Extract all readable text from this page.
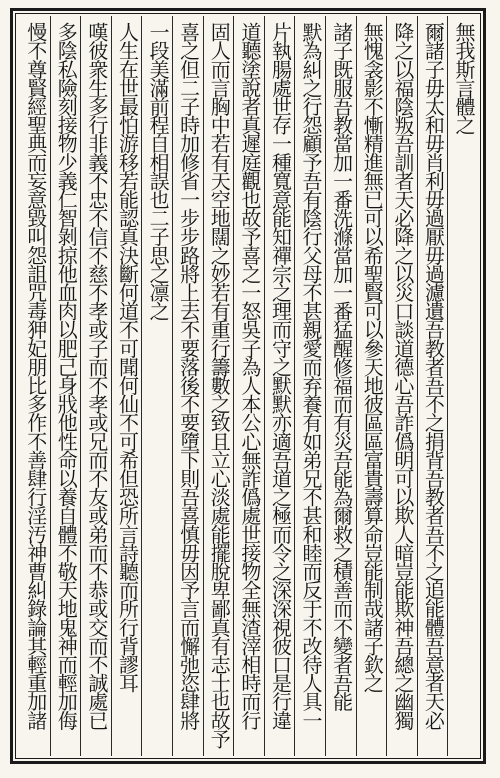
無我斯言體之
爾諸子毋太和毋肖利毋過厭毋過濾遺吾教者吾不之捐背吾教者吾不之追能體吾意者天必
降之以福陰叛吾訓者天必降之以災口談道德心吾詐僞明可以欺人暗豈能欺神吾總之幽獨
無愧衾影不慚精進無已可以希聖賢可以參天地彼區區富貴壽算命豈能制哉諸子欽之
諸子既服吾教當加一番洗滌當加一番猛醒修福而有災吾能為爾救之積善而不變者吾能
默為糾之行怨顧予吾有陰行父母不甚親愛而弃養有如弟兄不甚和睦而反于不改待人具一
片執腸處世存一種寬意能知禪宗之理而守之默默亦適吾道之極而令之深深視彼口是行違
道聽塗說者真遲庭觀也故予喜之一怒吳子為人本公心無詐僞處世接物全無渣滓相時而行
固人而言胸中若有天空地闊之妙若有重行籌數之致且立心淡處能擺脫卑鄙真有志士也故予
喜之但二子時加修省一步步路將上去不要落後不要墮下則吾喜慎毋因予言而懈弛恣肆將
一段美滿前程自相誤也二子思之凛之
人生在世最怕游移若能認真決斷何道不可聞何仙不可希但恐所言詩聽而所行背謬耳
嘆彼衆生多行非義不忠不信不慈不孝或子而不孝或兄而不友或弟而不恭或交而不誠處已
多陰私險刻接物少義仁智剝掠他血肉以肥己身戕他性命以養自體不敬天地鬼神而輕加侮
慢不尊賢經聖典而妄意毀叫怨詛咒毒狎妃朋比多作不善肆行淫汚神曹糾錄論其輕重加諸
